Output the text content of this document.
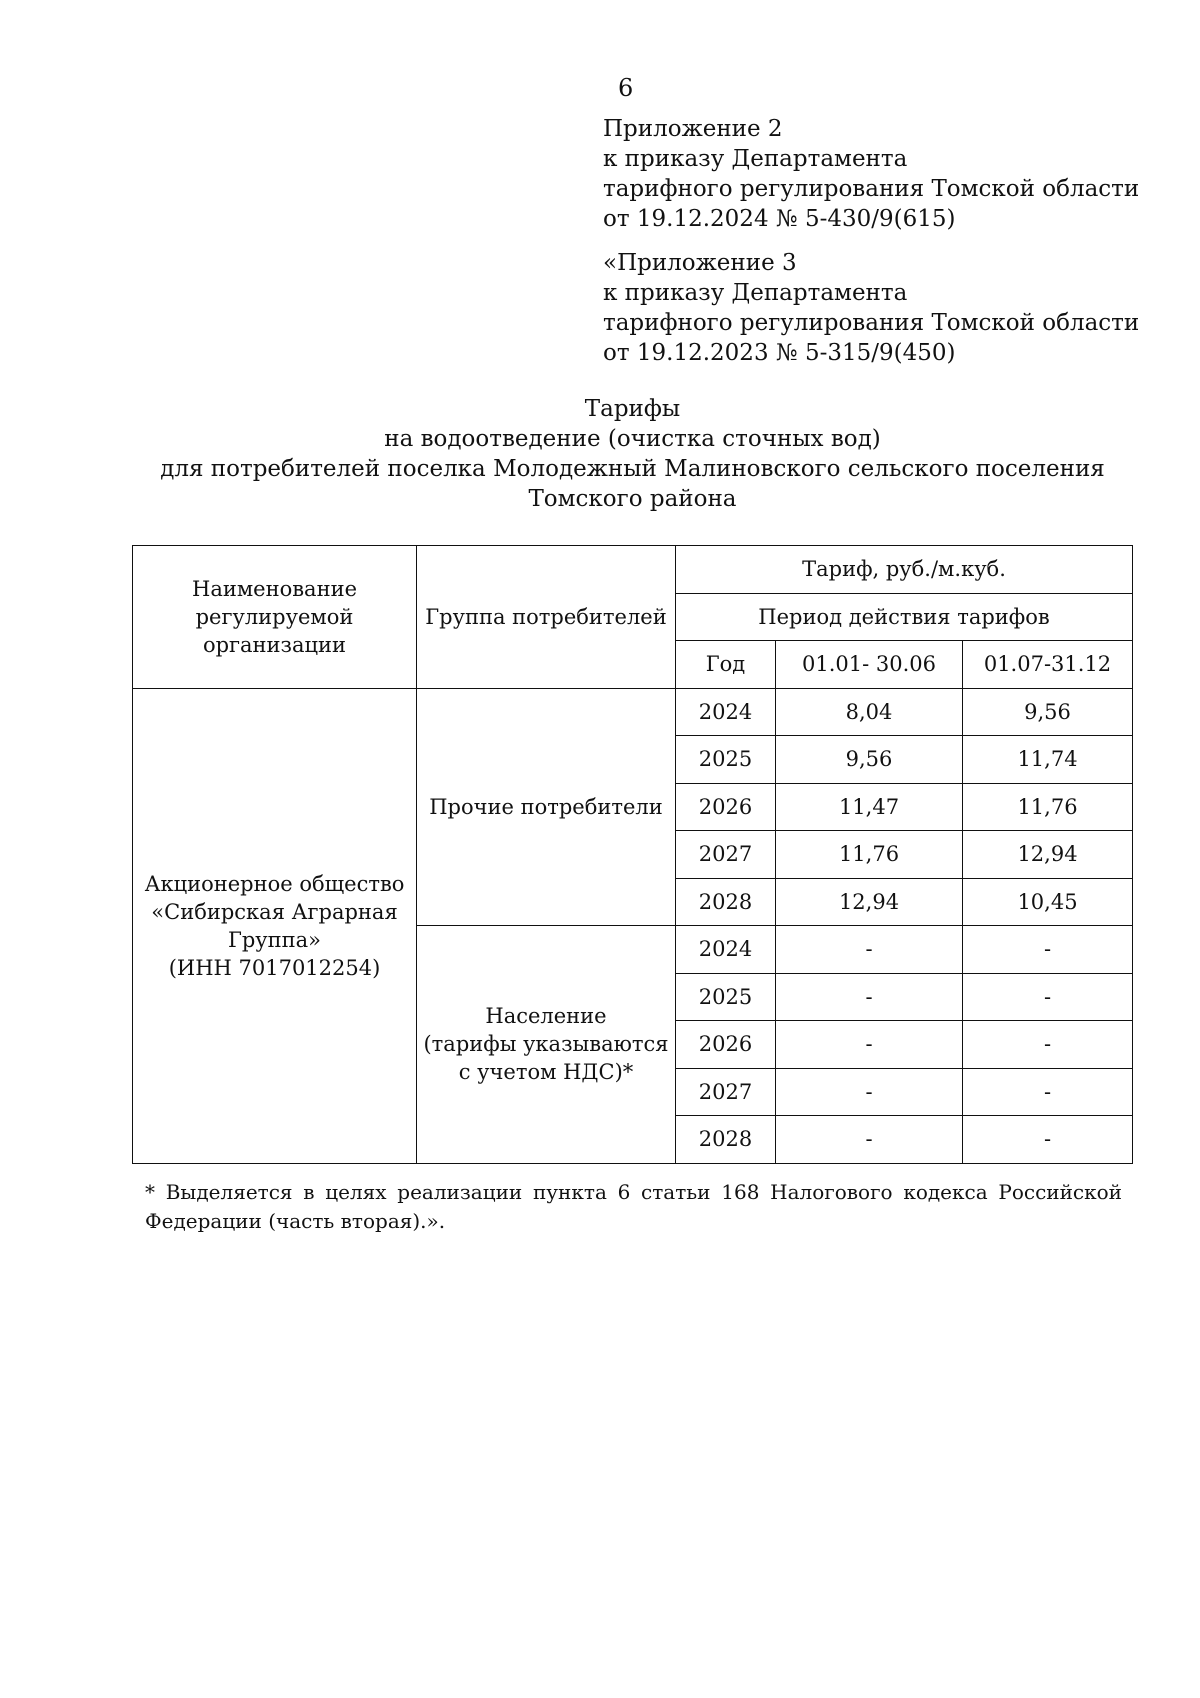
6
Приложение 2
к приказу Департамента
тарифного регулирования Томской области
от 19.12.2024 № 5-430/9(615)
«Приложение 3
к приказу Департамента
тарифного регулирования Томской области
от 19.12.2023 № 5-315/9(450)
Тарифы
на водоотведение (очистка сточных вод)
для потребителей поселка Молодежный Малиновского сельского поселения
Томского района
Наименование регулируемой организации	Группа потребителей	Тариф, руб./м.куб.		
		Период действия тарифов		
		Год	01.01- 30.06	01.07-31.12

Акционерное общество
«Сибирская Аграрная
Группа»
(ИНН 7017012254)	Прочие потребители	2024	8,04	9,56
		2025	9,56	11,74
		2026	11,47	11,76
		2027	11,76	12,94
		2028	12,94	10,45

	Население
(тарифы указываются
с учетом НДС)*	2024	-	-
		2025	-	-
		2026	-	-
		2027	-	-
		2028	-	-
* Выделяется в целях реализации пункта 6 статьи 168 Налогового кодекса Российской Федерации (часть вторая).».
